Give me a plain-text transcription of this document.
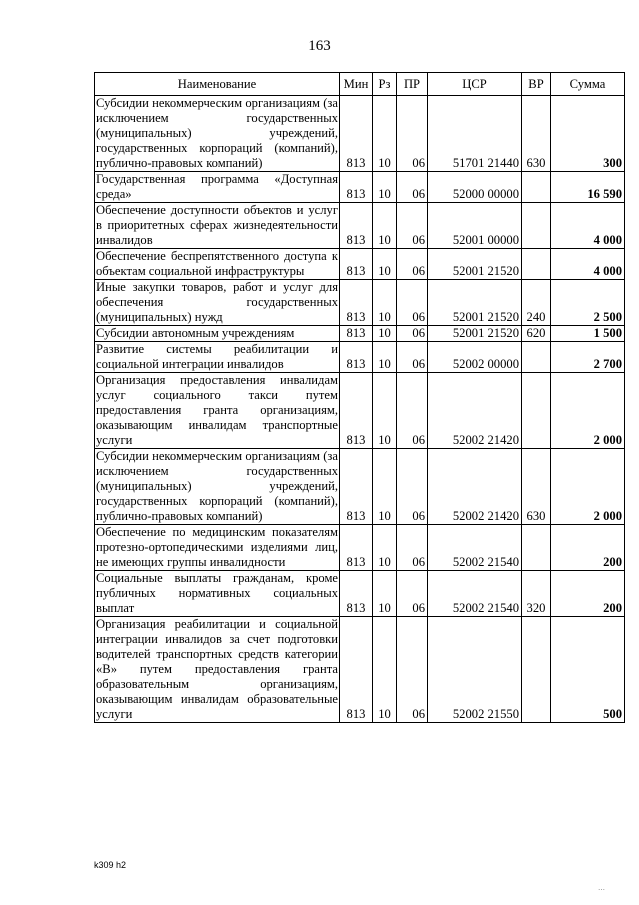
163
Наименование	Мин	Рз	ПР	ЦСР	ВР	Сумма
Субсидии некоммерческим организациям (за исключением государственных (муниципальных) учреждений, государственных корпораций (компаний), публично-правовых компаний)	813	10	06	51701 21440	630	300
Государственная программа «Доступная среда»	813	10	06	52000 00000		16 590
Обеспечение доступности объектов и услуг в приоритетных сферах жизнедеятельности инвалидов	813	10	06	52001 00000		4 000
Обеспечение беспрепятственного доступа к объектам социальной инфраструктуры	813	10	06	52001 21520		4 000
Иные закупки товаров, работ и услуг для обеспечения государственных (муниципальных) нужд	813	10	06	52001 21520	240	2 500
Субсидии автономным учреждениям	813	10	06	52001 21520	620	1 500
Развитие системы реабилитации и социальной интеграции инвалидов	813	10	06	52002 00000		2 700
Организация предоставления инвалидам услуг социального такси путем предоставления гранта организациям, оказывающим инвалидам транспортные услуги	813	10	06	52002 21420		2 000
Субсидии некоммерческим организациям (за исключением государственных (муниципальных) учреждений, государственных корпораций (компаний), публично-правовых компаний)	813	10	06	52002 21420	630	2 000
Обеспечение по медицинским показателям протезно-ортопедическими изделиями лиц, не имеющих группы инвалидности	813	10	06	52002 21540		200
Социальные выплаты гражданам, кроме публичных нормативных социальных выплат	813	10	06	52002 21540	320	200
Организация реабилитации и социальной интеграции инвалидов за счет подготовки водителей транспортных средств категории «В» путем предоставления гранта образовательным организациям, оказывающим инвалидам образовательные услуги	813	10	06	52002 21550		500
k309 h2
⋯
